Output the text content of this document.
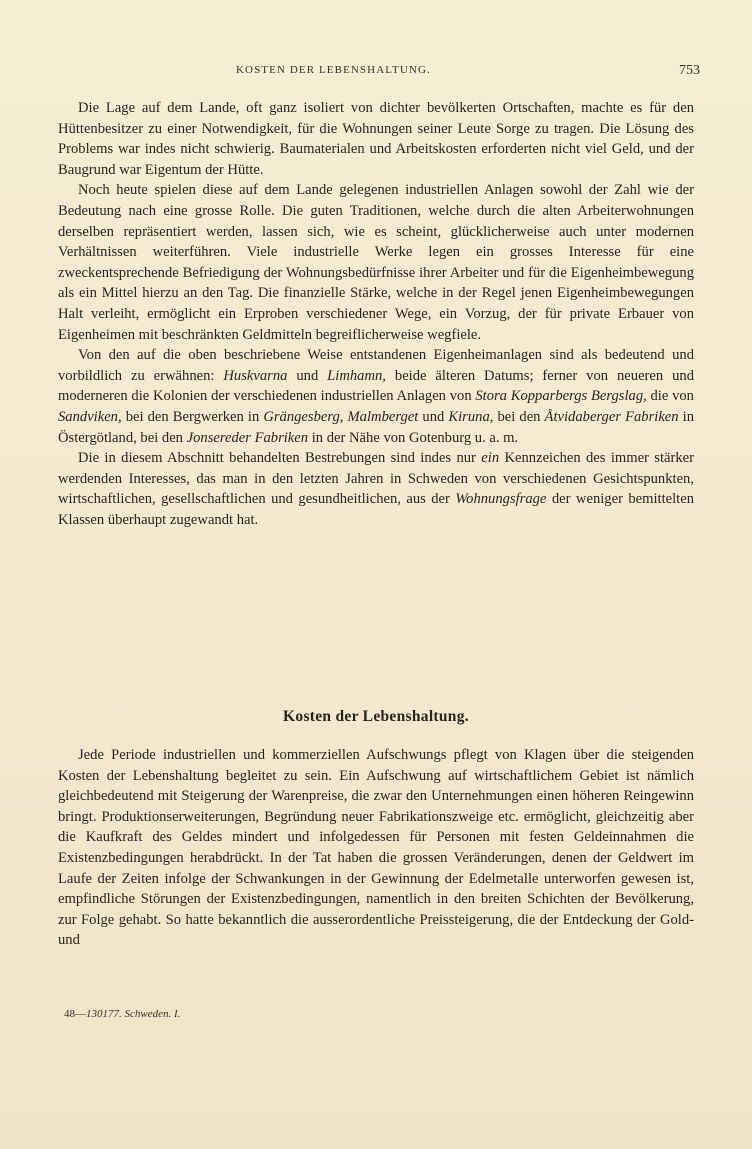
KOSTEN DER LEBENSHALTUNG.	753

Die Lage auf dem Lande, oft ganz isoliert von dichter bevölkerten Ortschaften, machte es für den Hüttenbesitzer zu einer Notwendigkeit, für die Wohnungen seiner Leute Sorge zu tragen. Die Lösung des Problems war indes nicht schwierig. Baumaterialen und Arbeitskosten erforderten nicht viel Geld, und der Baugrund war Eigentum der Hütte.

Noch heute spielen diese auf dem Lande gelegenen industriellen Anlagen sowohl der Zahl wie der Bedeutung nach eine grosse Rolle. Die guten Traditionen, welche durch die alten Arbeiterwohnungen derselben repräsentiert werden, lassen sich, wie es scheint, glücklicherweise auch unter modernen Verhältnissen weiterführen. Viele industrielle Werke legen ein grosses Interesse für eine zweckentsprechende Befriedigung der Wohnungsbedürfnisse ihrer Arbeiter und für die Eigenheimbewegung als ein Mittel hierzu an den Tag. Die finanzielle Stärke, welche in der Regel jenen Eigenheimbewegungen Halt verleiht, ermöglicht ein Erproben verschiedener Wege, ein Vorzug, der für private Erbauer von Eigenheimen mit beschränkten Geldmitteln begreiflicherweise wegfiele.

Von den auf die oben beschriebene Weise entstandenen Eigenheimanlagen sind als bedeutend und vorbildlich zu erwähnen: Huskvarna und Limhamn, beide älteren Datums; ferner von neueren und moderneren die Kolonien der verschiedenen industriellen Anlagen von Stora Kopparbergs Bergslag, die von Sandviken, bei den Bergwerken in Grängesberg, Malmberget und Kiruna, bei den Åtvidaberger Fabriken in Östergötland, bei den Jonsereder Fabriken in der Nähe von Gotenburg u. a. m.

Die in diesem Abschnitt behandelten Bestrebungen sind indes nur ein Kennzeichen des immer stärker werdenden Interesses, das man in den letzten Jahren in Schweden von verschiedenen Gesichtspunkten, wirtschaftlichen, gesellschaftlichen und gesundheitlichen, aus der Wohnungsfrage der weniger bemittelten Klassen überhaupt zugewandt hat.

Kosten der Lebenshaltung.

Jede Periode industriellen und kommerziellen Aufschwungs pflegt von Klagen über die steigenden Kosten der Lebenshaltung begleitet zu sein. Ein Aufschwung auf wirtschaftlichem Gebiet ist nämlich gleichbedeutend mit Steigerung der Warenpreise, die zwar den Unternehmungen einen höheren Reingewinn bringt. Produktionserweiterungen, Begründung neuer Fabrikationszweige etc. ermöglicht, gleichzeitig aber die Kaufkraft des Geldes mindert und infolgedessen für Personen mit festen Geldeinnahmen die Existenzbedingungen herabdrückt. In der Tat haben die grossen Veränderungen, denen der Geldwert im Laufe der Zeiten infolge der Schwankungen in der Gewinnung der Edelmetalle unterworfen gewesen ist, empfindliche Störungen der Existenzbedingungen, namentlich in den breiten Schichten der Bevölkerung, zur Folge gehabt. So hatte bekanntlich die ausserordentliche Preissteigerung, die der Entdeckung der Gold- und

48—130177. Schweden. I.
